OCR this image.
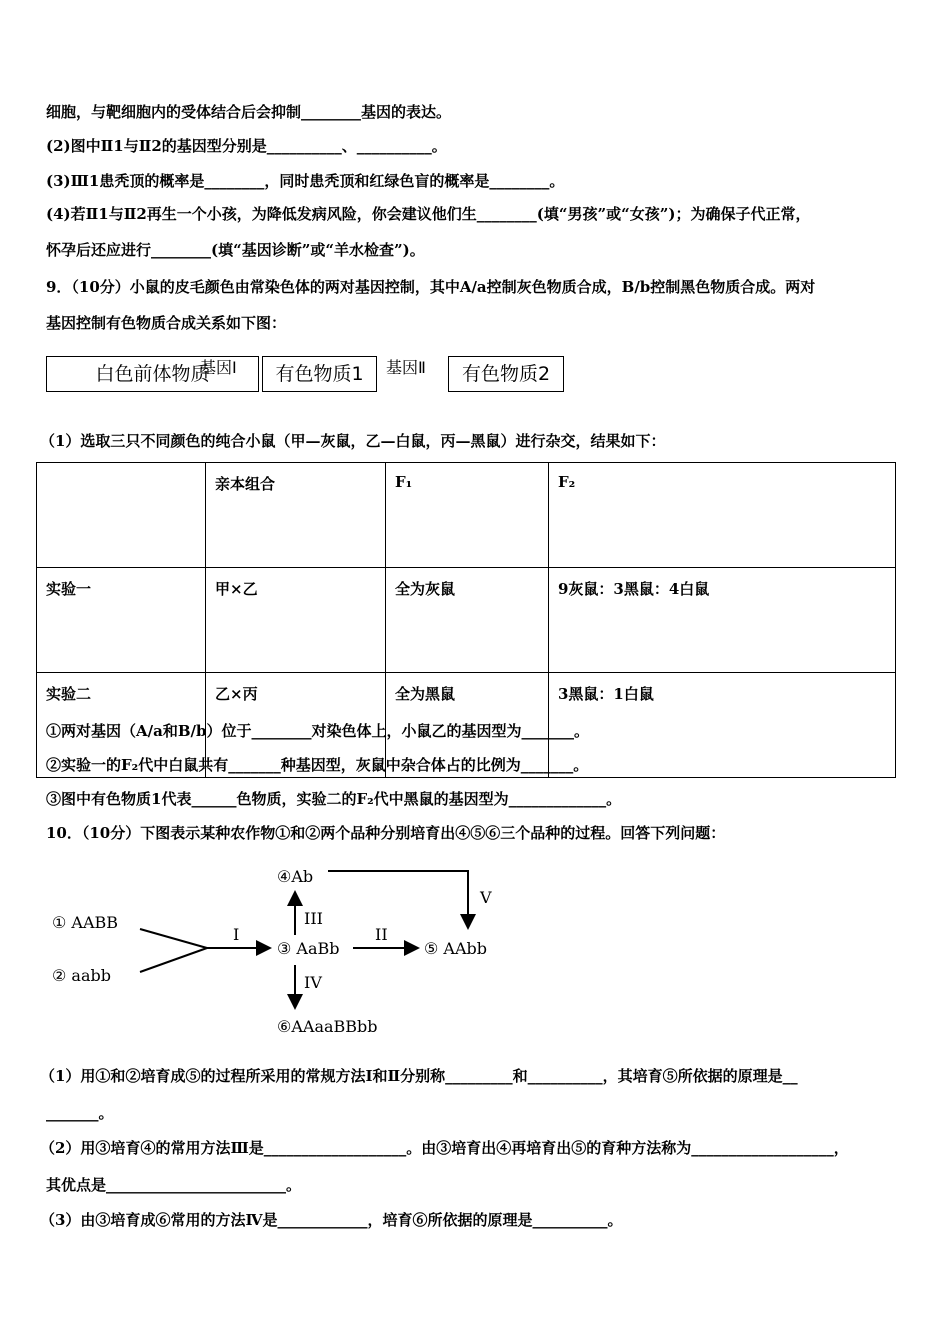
细胞，与靶细胞内的受体结合后会抑制________基因的表达。
(2)图中Ⅱ1与Ⅱ2的基因型分别是__________、__________。
(3)Ⅲ1患秃顶的概率是________，同时患秃顶和红绿色盲的概率是________。
(4)若Ⅱ1与Ⅱ2再生一个小孩，为降低发病风险，你会建议他们生________(填“男孩”或“女孩”)；为确保子代正常，
怀孕后还应进行________(填“基因诊断”或“羊水检查”)。
9．（10分）小鼠的皮毛颜色由常染色体的两对基因控制，其中A/a控制灰色物质合成，B/b控制黑色物质合成。两对
基因控制有色物质合成关系如下图：
白色前体物质
基因Ⅰ	有色物质1	基因Ⅱ	有色物质2
（1）选取三只不同颜色的纯合小鼠（甲—灰鼠，乙—白鼠，丙—黑鼠）进行杂交，结果如下：
	亲本组合	F₁	F₂
实验一	甲×乙	全为灰鼠	9灰鼠：3黑鼠：4白鼠
实验二	乙×丙	全为黑鼠	3黑鼠：1白鼠
①两对基因（A/a和B/b）位于________对染色体上，小鼠乙的基因型为_______。
②实验一的F₂代中白鼠共有_______种基因型，灰鼠中杂合体占的比例为_______。
③图中有色物质1代表______色物质，实验二的F₂代中黑鼠的基因型为_____________。
10．（10分）下图表示某种农作物①和②两个品种分别培育出④⑤⑥三个品种的过程。回答下列问题：
① AABB
② aabb
③ AaBb
④Ab
⑤ AAbb
⑥AAaaBBbb
I	II
III
IV
V
（1）用①和②培育成⑤的过程所采用的常规方法Ⅰ和Ⅱ分别称_________和__________，其培育⑤所依据的原理是__
_______。
（2）用③培育④的常用方法Ⅲ是___________________。由③培育出④再培育出⑤的育种方法称为___________________，
其优点是________________________。
（3）由③培育成⑥常用的方法Ⅳ是____________，培育⑥所依据的原理是__________。
